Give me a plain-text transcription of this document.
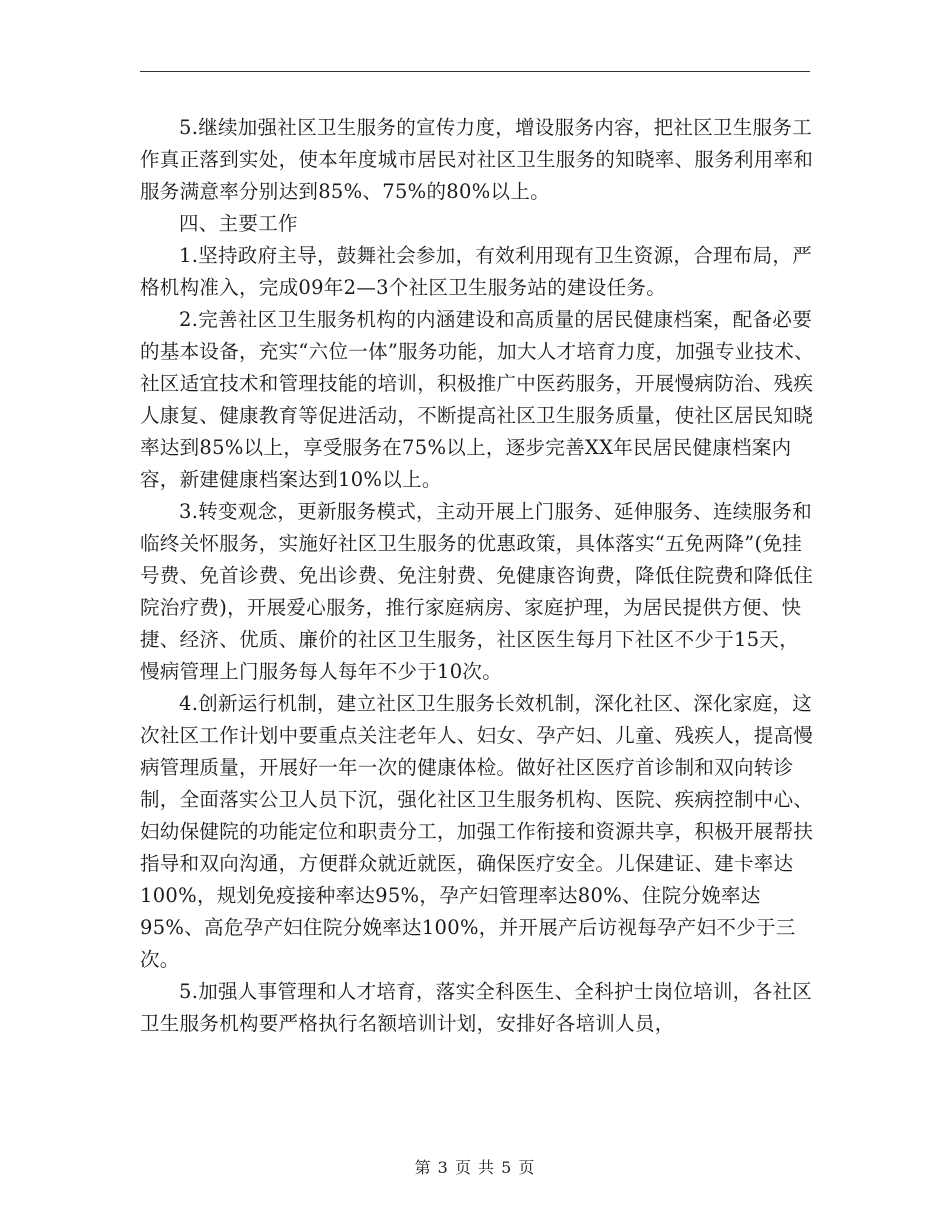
5.继续加强社区卫生服务的宣传力度，增设服务内容，把社区卫生服务工作真正落到实处，使本年度城市居民对社区卫生服务的知晓率、服务利用率和服务满意率分别达到85%、75%的80%以上。

四、主要工作

1.坚持政府主导，鼓舞社会参加，有效利用现有卫生资源，合理布局，严格机构准入，完成09年2—3个社区卫生服务站的建设任务。

2.完善社区卫生服务机构的内涵建设和高质量的居民健康档案，配备必要的基本设备，充实“六位一体”服务功能，加大人才培育力度，加强专业技术、社区适宜技术和管理技能的培训，积极推广中医药服务，开展慢病防治、残疾人康复、健康教育等促进活动，不断提高社区卫生服务质量，使社区居民知晓率达到85%以上，享受服务在75%以上，逐步完善XX年民居民健康档案内容，新建健康档案达到10%以上。

3.转变观念，更新服务模式，主动开展上门服务、延伸服务、连续服务和临终关怀服务，实施好社区卫生服务的优惠政策，具体落实“五免两降”(免挂号费、免首诊费、免出诊费、免注射费、免健康咨询费，降低住院费和降低住院治疗费)，开展爱心服务，推行家庭病房、家庭护理，为居民提供方便、快捷、经济、优质、廉价的社区卫生服务，社区医生每月下社区不少于15天，慢病管理上门服务每人每年不少于10次。

4.创新运行机制，建立社区卫生服务长效机制，深化社区、深化家庭，这次社区工作计划中要重点关注老年人、妇女、孕产妇、儿童、残疾人，提高慢病管理质量，开展好一年一次的健康体检。做好社区医疗首诊制和双向转诊制，全面落实公卫人员下沉，强化社区卫生服务机构、医院、疾病控制中心、妇幼保健院的功能定位和职责分工，加强工作衔接和资源共享，积极开展帮扶指导和双向沟通，方便群众就近就医，确保医疗安全。儿保建证、建卡率达100%，规划免疫接种率达95%，孕产妇管理率达80%、住院分娩率达95%、高危孕产妇住院分娩率达100%，并开展产后访视每孕产妇不少于三次。

5.加强人事管理和人才培育，落实全科医生、全科护士岗位培训，各社区卫生服务机构要严格执行名额培训计划，安排好各培训人员，

第 3 页 共 5 页
